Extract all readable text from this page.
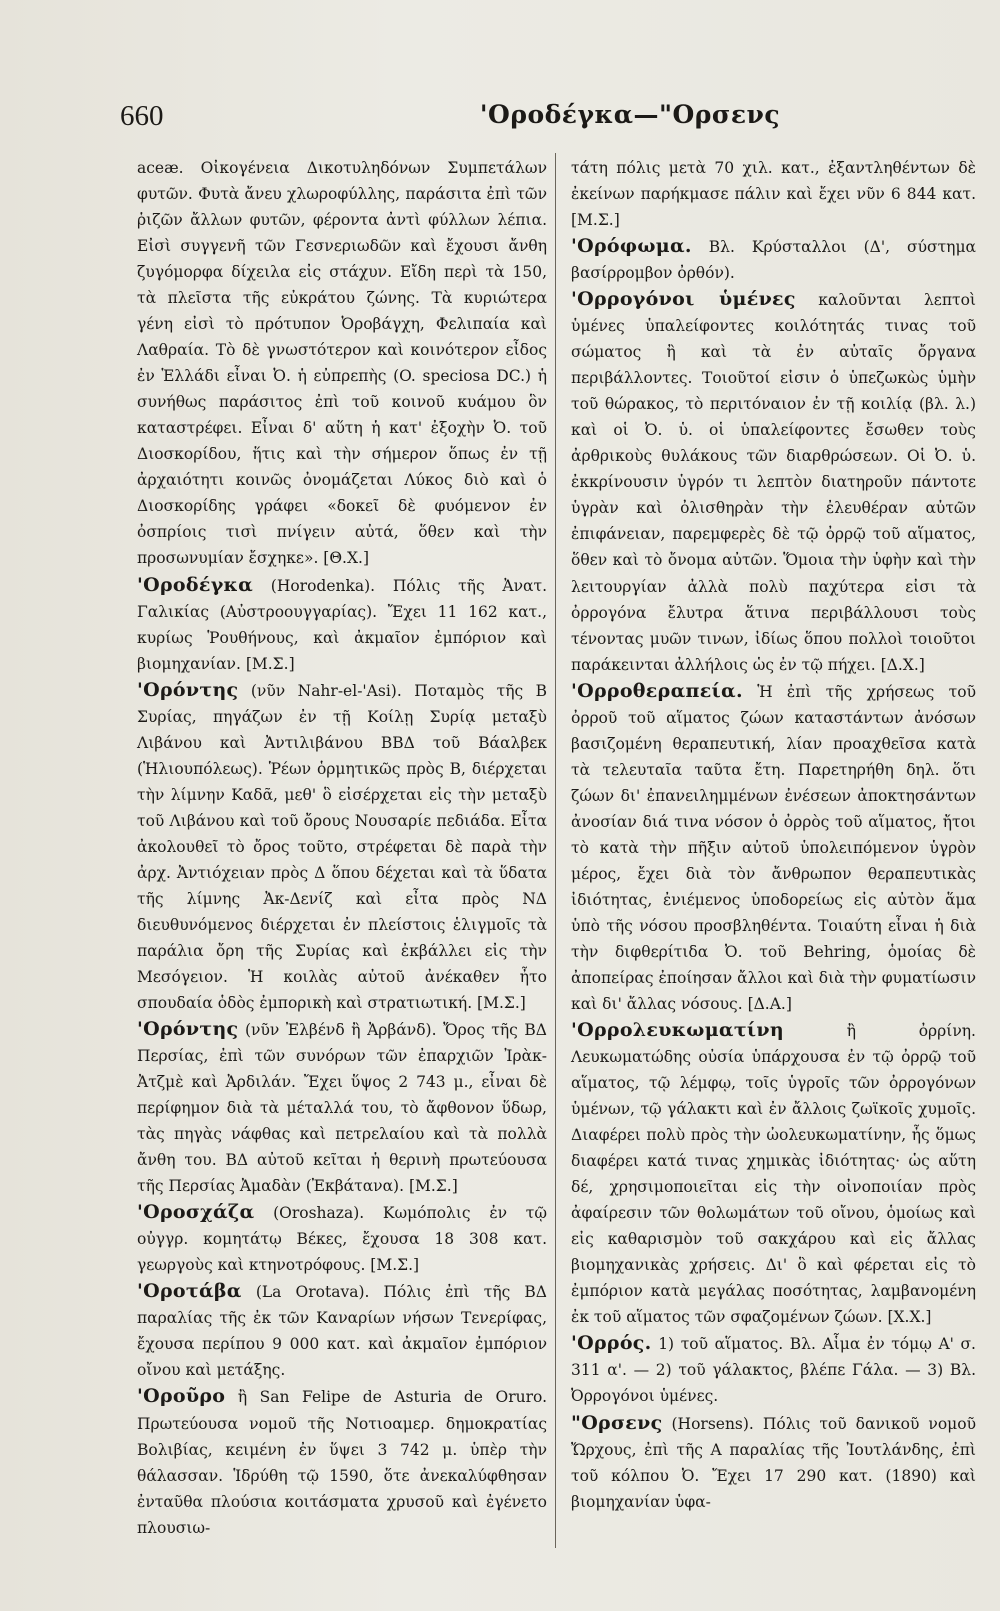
660	'Οροδέγκα—"Ορσενς

aceæ. Οἰκογένεια Δικοτυληδόνων Συμπετάλων φυτῶν. Φυτὰ ἄνευ χλωροφύλλης, παράσιτα ἐπὶ τῶν ῥιζῶν ἄλλων φυτῶν, φέροντα ἀντὶ φύλλων λέπια. Εἰσὶ συγγενῆ τῶν Γεσνεριωδῶν καὶ ἔχουσι ἄνθη ζυγόμορφα δίχειλα εἰς στάχυν. Εἴδη περὶ τὰ 150, τὰ πλεῖστα τῆς εὐκράτου ζώνης. Τὰ κυριώτερα γένη εἰσὶ τὸ πρότυπον Ὀροβάγχη, Φελιπαία καὶ Λαθραία. Τὸ δὲ γνωστότερον καὶ κοινότερον εἶδος ἐν Ἑλλάδι εἶναι Ὀ. ἡ εὐπρεπὴς (O. speciosa DC.) ἡ συνήθως παράσιτος ἐπὶ τοῦ κοινοῦ κυάμου ὃν καταστρέφει. Εἶναι δ' αὕτη ἡ κατ' ἐξοχὴν Ὀ. τοῦ Διοσκορίδου, ἥτις καὶ τὴν σήμερον ὅπως ἐν τῇ ἀρχαιότητι κοινῶς ὀνομάζεται Λύκος διὸ καὶ ὁ Διοσκορίδης γράφει «δοκεῖ δὲ φυόμενον ἐν ὀσπρίοις τισὶ πνίγειν αὐτά, ὅθεν καὶ τὴν προσωνυμίαν ἔσχηκε». [Θ.Χ.]

'Οροδέγκα (Horodenka). Πόλις τῆς Ἀνατ. Γαλικίας (Αὐστροουγγαρίας). Ἔχει 11 162 κατ., κυρίως Ῥουθήνους, καὶ ἀκμαῖον ἐμπόριον καὶ βιομηχανίαν. [Μ.Σ.]

'Ορόντης (νῦν Nahr-el-'Asi). Ποταμὸς τῆς Β Συρίας, πηγάζων ἐν τῇ Κοίλῃ Συρίᾳ μεταξὺ Λιβάνου καὶ Ἀντιλιβάνου ΒΒΔ τοῦ Βάαλβεκ (Ἡλιουπόλεως). Ῥέων ὁρμητικῶς πρὸς Β, διέρχεται τὴν λίμνην Καδᾶ, μεθ' ὃ εἰσέρχεται εἰς τὴν μεταξὺ τοῦ Λιβάνου καὶ τοῦ ὄρους Νουσαρίε πεδιάδα. Εἶτα ἀκολουθεῖ τὸ ὄρος τοῦτο, στρέφεται δὲ παρὰ τὴν ἀρχ. Ἀντιόχειαν πρὸς Δ ὅπου δέχεται καὶ τὰ ὕδατα τῆς λίμνης Ἀκ-Δενίζ καὶ εἶτα πρὸς ΝΔ διευθυνόμενος διέρχεται ἐν πλείστοις ἑλιγμοῖς τὰ παράλια ὄρη τῆς Συρίας καὶ ἐκβάλλει εἰς τὴν Μεσόγειον. Ἡ κοιλὰς αὐτοῦ ἀνέκαθεν ἦτο σπουδαία ὁδὸς ἐμπορικὴ καὶ στρατιωτική. [Μ.Σ.]

'Ορόντης (νῦν Ἐλβένδ ἢ Ἀρβάνδ). Ὄρος τῆς ΒΔ Περσίας, ἐπὶ τῶν συνόρων τῶν ἐπαρχιῶν Ἰρὰκ-Ἀτζμὲ καὶ Ἀρδιλάν. Ἔχει ὕψος 2 743 μ., εἶναι δὲ περίφημον διὰ τὰ μέταλλά του, τὸ ἄφθονον ὕδωρ, τὰς πηγὰς νάφθας καὶ πετρελαίου καὶ τὰ πολλὰ ἄνθη του. ΒΔ αὐτοῦ κεῖται ἡ θερινὴ πρωτεύουσα τῆς Περσίας Ἀμαδὰν (Ἐκβάτανα). [Μ.Σ.]

'Οροσχάζα (Oroshaza). Κωμόπολις ἐν τῷ οὐγγρ. κομητάτῳ Βέκες, ἔχουσα 18 308 κατ. γεωργοὺς καὶ κτηνοτρόφους. [Μ.Σ.]

'Οροτάβα (La Orotava). Πόλις ἐπὶ τῆς ΒΔ παραλίας τῆς ἐκ τῶν Καναρίων νήσων Τενερίφας, ἔχουσα περίπου 9 000 κατ. καὶ ἀκμαῖον ἐμπόριον οἴνου καὶ μετάξης.

'Οροῦρο ἢ San Felipe de Asturia de Oruro. Πρωτεύουσα νομοῦ τῆς Νοτιοαμερ. δημοκρατίας Βολιβίας, κειμένη ἐν ὕψει 3 742 μ. ὑπὲρ τὴν θάλασσαν. Ἱδρύθη τῷ 1590, ὅτε ἀνεκαλύφθησαν ἐνταῦθα πλούσια κοιτάσματα χρυσοῦ καὶ ἐγένετο πλουσιω-

τάτη πόλις μετὰ 70 χιλ. κατ., ἐξαντληθέντων δὲ ἐκείνων παρήκμασε πάλιν καὶ ἔχει νῦν 6 844 κατ. [Μ.Σ.]

'Ορόφωμα. Βλ. Κρύσταλλοι (Δ', σύστημα βασίρρομβον ὀρθόν).

'Ορρογόνοι ὑμένες καλοῦνται λεπτοὶ ὑμένες ὑπαλείφοντες κοιλότητάς τινας τοῦ σώματος ἢ καὶ τὰ ἐν αὐταῖς ὄργανα περιβάλλοντες. Τοιοῦτοί εἰσιν ὁ ὑπεζωκὼς ὑμὴν τοῦ θώρακος, τὸ περιτόναιον ἐν τῇ κοιλίᾳ (βλ. λ.) καὶ οἱ Ὀ. ὑ. οἱ ὑπαλείφοντες ἔσωθεν τοὺς ἀρθρικοὺς θυλάκους τῶν διαρθρώσεων. Οἱ Ὀ. ὑ. ἐκκρίνουσιν ὑγρόν τι λεπτὸν διατηροῦν πάντοτε ὑγρὰν καὶ ὀλισθηρὰν τὴν ἐλευθέραν αὐτῶν ἐπιφάνειαν, παρεμφερὲς δὲ τῷ ὀρρῷ τοῦ αἵματος, ὅθεν καὶ τὸ ὄνομα αὐτῶν. Ὅμοια τὴν ὑφὴν καὶ τὴν λειτουργίαν ἀλλὰ πολὺ παχύτερα εἰσι τὰ ὀρρογόνα ἔλυτρα ἅτινα περιβάλλουσι τοὺς τένοντας μυῶν τινων, ἰδίως ὅπου πολλοὶ τοιοῦτοι παράκεινται ἀλλήλοις ὡς ἐν τῷ πήχει. [Δ.Χ.]

'Ορροθεραπεία. Ἡ ἐπὶ τῆς χρήσεως τοῦ ὀρροῦ τοῦ αἵματος ζώων καταστάντων ἀνόσων βασιζομένη θεραπευτική, λίαν προαχθεῖσα κατὰ τὰ τελευταῖα ταῦτα ἔτη. Παρετηρήθη δηλ. ὅτι ζώων δι' ἐπανειλημμένων ἐνέσεων ἀποκτησάντων ἀνοσίαν διά τινα νόσον ὁ ὀρρὸς τοῦ αἵματος, ἤτοι τὸ κατὰ τὴν πῆξιν αὐτοῦ ὑπολειπόμενον ὑγρὸν μέρος, ἔχει διὰ τὸν ἄνθρωπον θεραπευτικὰς ἰδιότητας, ἐνιέμενος ὑποδορείως εἰς αὐτὸν ἅμα ὑπὸ τῆς νόσου προσβληθέντα. Τοιαύτη εἶναι ἡ διὰ τὴν διφθερίτιδα Ὀ. τοῦ Behring, ὁμοίας δὲ ἀποπείρας ἐποίησαν ἄλλοι καὶ διὰ τὴν φυματίωσιν καὶ δι' ἄλλας νόσους. [Δ.Α.]

'Ορρολευκωματίνη ἢ ὀρρίνη. Λευκωματώδης οὐσία ὑπάρχουσα ἐν τῷ ὀρρῷ τοῦ αἵματος, τῷ λέμφῳ, τοῖς ὑγροῖς τῶν ὀρρογόνων ὑμένων, τῷ γάλακτι καὶ ἐν ἄλλοις ζωϊκοῖς χυμοῖς. Διαφέρει πολὺ πρὸς τὴν ὠολευκωματίνην, ἧς ὅμως διαφέρει κατά τινας χημικὰς ἰδιότητας· ὡς αὕτη δέ, χρησιμοποιεῖται εἰς τὴν οἰνοποιίαν πρὸς ἀφαίρεσιν τῶν θολωμάτων τοῦ οἴνου, ὁμοίως καὶ εἰς καθαρισμὸν τοῦ σακχάρου καὶ εἰς ἄλλας βιομηχανικὰς χρήσεις. Δι' ὃ καὶ φέρεται εἰς τὸ ἐμπόριον κατὰ μεγάλας ποσότητας, λαμβανομένη ἐκ τοῦ αἵματος τῶν σφαζομένων ζώων. [Χ.Χ.]

'Ορρός. 1) τοῦ αἵματος. Βλ. Αἷμα ἐν τόμῳ Α' σ. 311 α'. — 2) τοῦ γάλακτος, βλέπε Γάλα. — 3) Βλ. Ὀρρογόνοι ὑμένες.

"Ορσενς (Horsens). Πόλις τοῦ δανικοῦ νομοῦ Ὤρχους, ἐπὶ τῆς Α παραλίας τῆς Ἰουτλάνδης, ἐπὶ τοῦ κόλπου Ὀ. Ἔχει 17 290 κατ. (1890) καὶ βιομηχανίαν ὑφα-
